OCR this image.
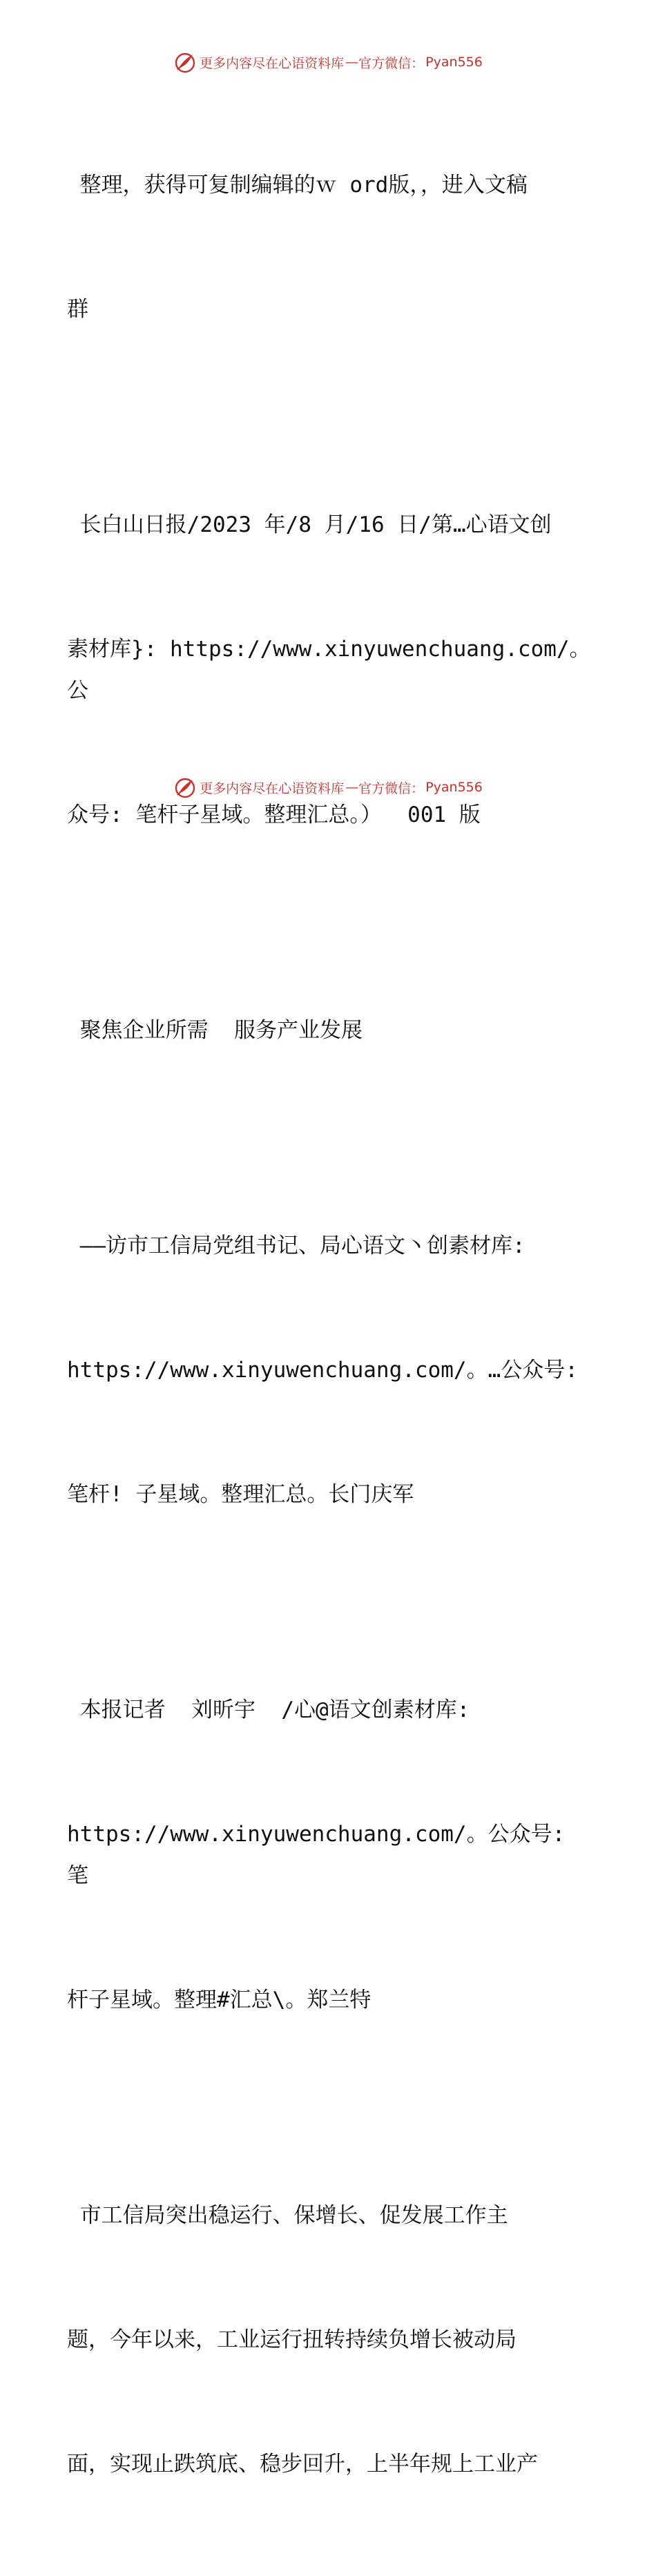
更多内容尽在心语资料库 — 官方微信： Pyan556

整理，获得可复制编辑的ｗ ord版，，进入文稿

群

长白山日报/2023 年/8 月/16 日/第…心语文创

素材库}: https://www.xinyuwenchuang.com/。公

众号: 笔杆子星域。整理汇总。）  001 版

聚焦企业所需  服务产业发展

——访市工信局党组书记、局心语文丶创素材库:

https://www.xinyuwenchuang.com/。…公众号:

笔杆! 子星域。整理汇总。长门庆军

本报记者  刘昕宇  /心@语文创素材库:

https://www.xinyuwenchuang.com/。公众号: 笔

杆子星域。整理#汇总\。郑兰特

市工信局突出稳运行、保增长、促发展工作主

题，今年以来，工业运行扭转持续负增长被动局

面，实现止跌筑底、稳步回升，上半年规上工业产

更多内容尽在心语资料库 — 官方微信： Pyan556
